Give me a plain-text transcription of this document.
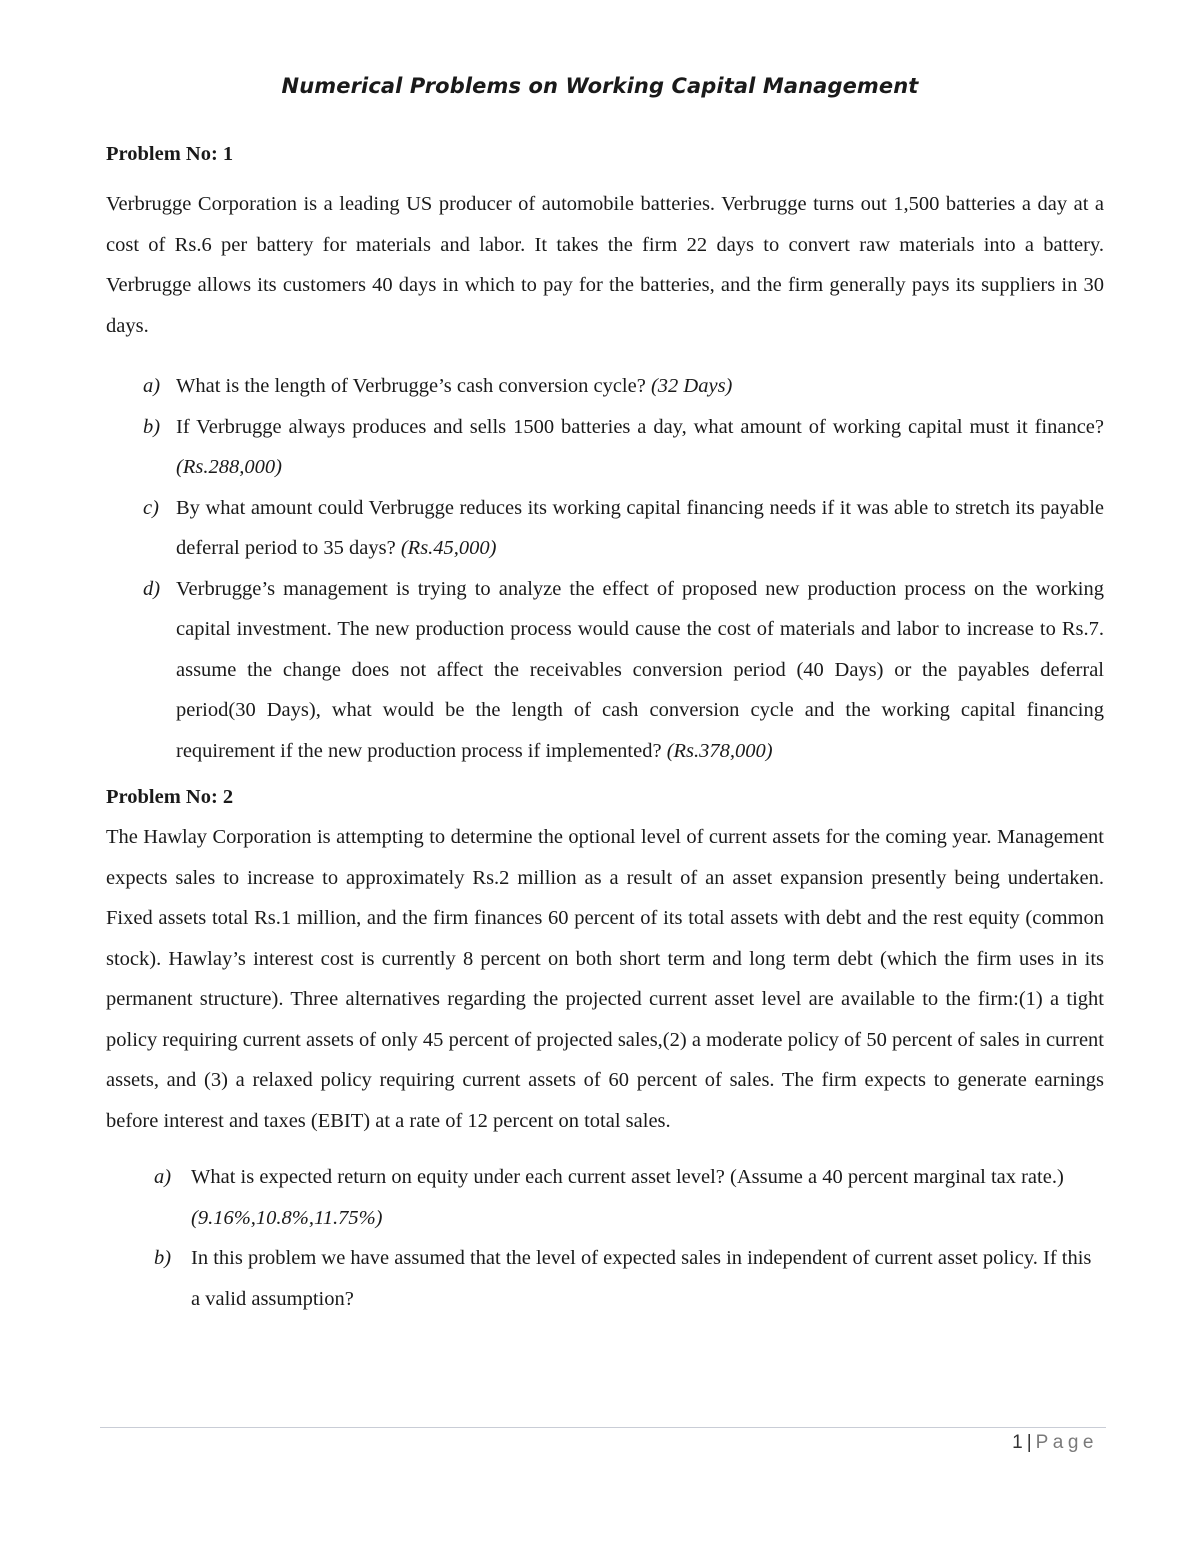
Numerical Problems on Working Capital Management
Problem No: 1

Verbrugge Corporation is a leading US producer of automobile batteries. Verbrugge turns out 1,500 batteries a day at a cost of Rs.6 per battery for materials and labor. It takes the firm 22 days to convert raw materials into a battery. Verbrugge allows its customers 40 days in which to pay for the batteries, and the firm generally pays its suppliers in 30 days.

a) What is the length of Verbrugge’s cash conversion cycle? (32 Days)
b) If Verbrugge always produces and sells 1500 batteries a day, what amount of working capital must it finance? (Rs.288,000)
c) By what amount could Verbrugge reduces its working capital financing needs if it was able to stretch its payable deferral period to 35 days? (Rs.45,000)
d) Verbrugge’s management is trying to analyze the effect of proposed new production process on the working capital investment. The new production process would cause the cost of materials and labor to increase to Rs.7. assume the change does not affect the receivables conversion period (40 Days) or the payables deferral period(30 Days), what would be the length of cash conversion cycle and the working capital financing requirement if the new production process if implemented? (Rs.378,000)
Problem No: 2

The Hawlay Corporation is attempting to determine the optional level of current assets for the coming year. Management expects sales to increase to approximately Rs.2 million as a result of an asset expansion presently being undertaken. Fixed assets total Rs.1 million, and the firm finances 60 percent of its total assets with debt and the rest equity (common stock). Hawlay’s interest cost is currently 8 percent on both short term and long term debt (which the firm uses in its permanent structure). Three alternatives regarding the projected current asset level are available to the firm:(1) a tight policy requiring current assets of only 45 percent of projected sales,(2) a moderate policy of 50 percent of sales in current assets, and (3) a relaxed policy requiring current assets of 60 percent of sales. The firm expects to generate earnings before interest and taxes (EBIT) at a rate of 12 percent on total sales.

a) What is expected return on equity under each current asset level? (Assume a 40 percent marginal tax rate.) (9.16%,10.8%,11.75%)
b) In this problem we have assumed that the level of expected sales in independent of current asset policy. If this a valid assumption?
1 | Page
